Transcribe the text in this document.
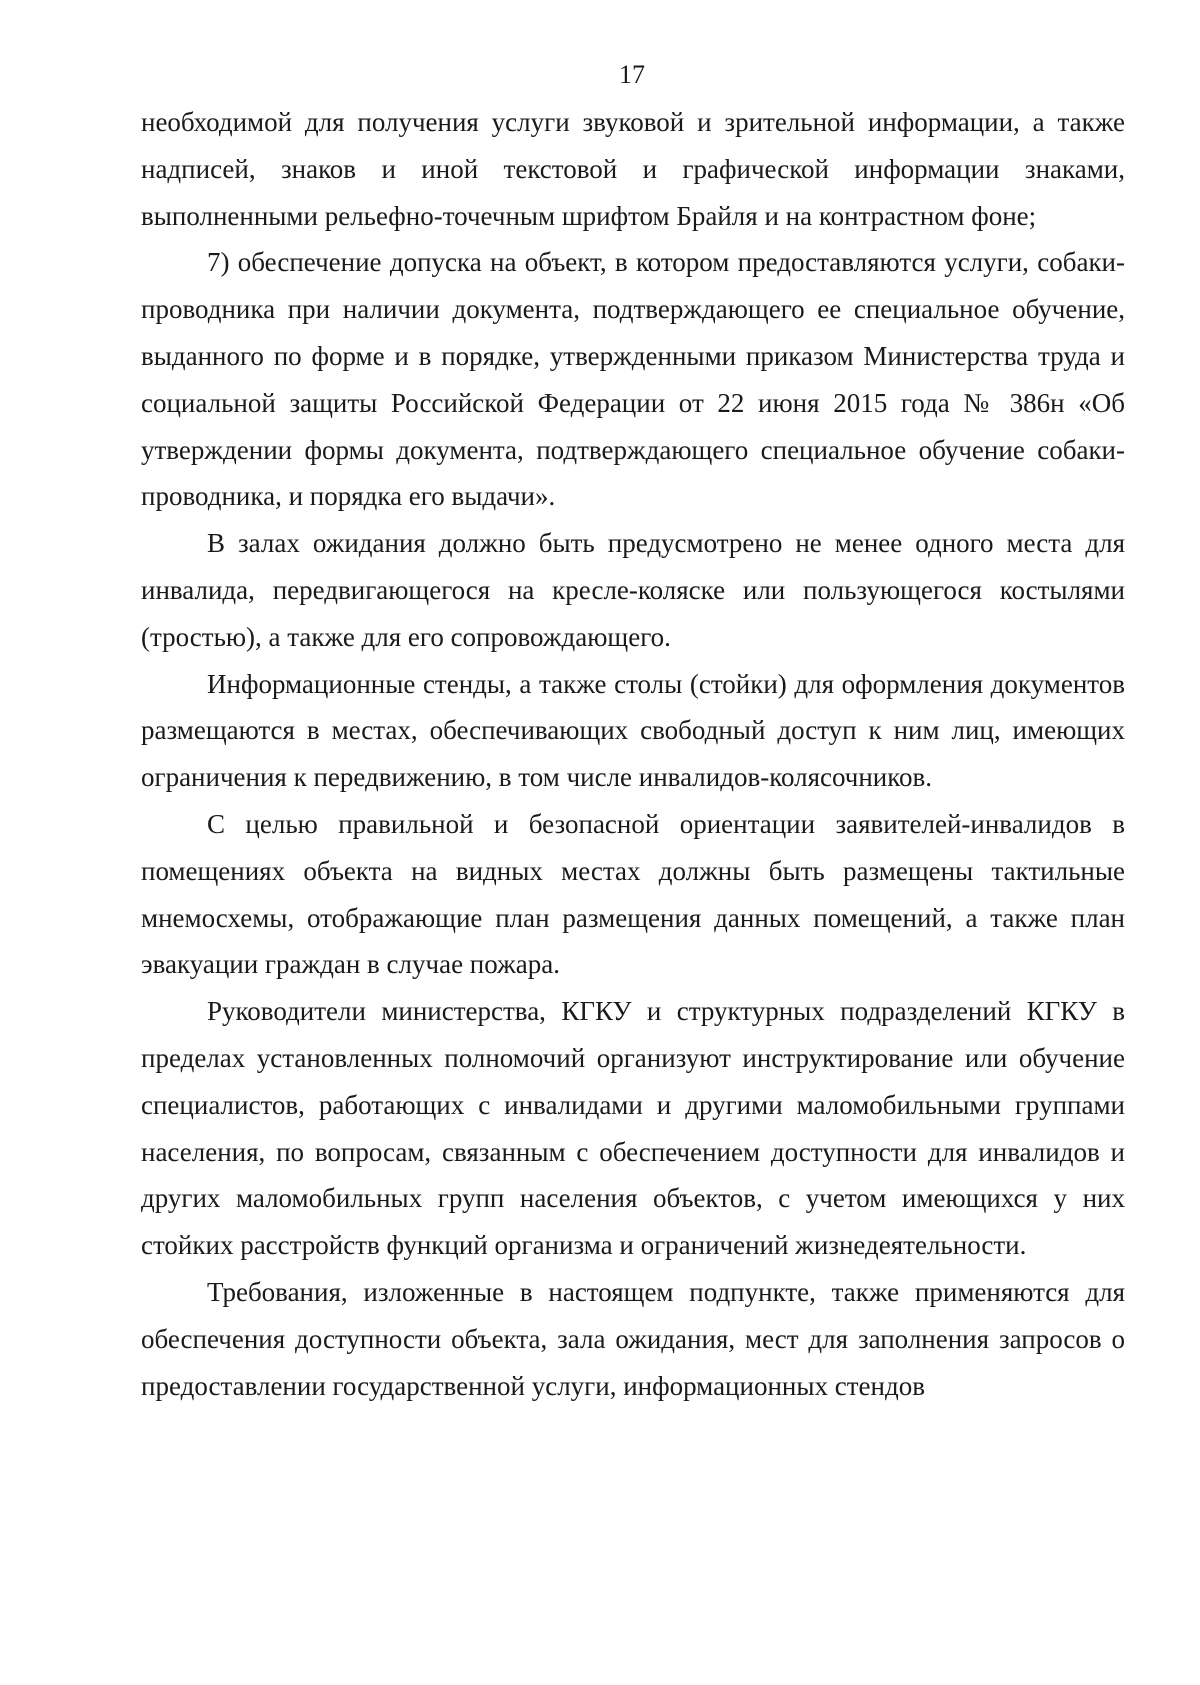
17

необходимой для получения услуги звуковой и зрительной информации, а также надписей, знаков и иной текстовой и графической информации знаками, выполненными рельефно-точечным шрифтом Брайля и на контрастном фоне;

7) обеспечение допуска на объект, в котором предоставляются услуги, собаки-проводника при наличии документа, подтверждающего ее специальное обучение, выданного по форме и в порядке, утвержденными приказом Министерства труда и социальной защиты Российской Федерации от 22 июня 2015 года № 386н «Об утверждении формы документа, подтверждающего специальное обучение собаки-проводника, и порядка его выдачи».

В залах ожидания должно быть предусмотрено не менее одного места для инвалида, передвигающегося на кресле-коляске или пользующегося костылями (тростью), а также для его сопровождающего.

Информационные стенды, а также столы (стойки) для оформления документов размещаются в местах, обеспечивающих свободный доступ к ним лиц, имеющих ограничения к передвижению, в том числе инвалидов-колясочников.

С целью правильной и безопасной ориентации заявителей-инвалидов в помещениях объекта на видных местах должны быть размещены тактильные мнемосхемы, отображающие план размещения данных помещений, а также план эвакуации граждан в случае пожара.

Руководители министерства, КГКУ и структурных подразделений КГКУ в пределах установленных полномочий организуют инструктирование или обучение специалистов, работающих с инвалидами и другими маломобильными группами населения, по вопросам, связанным с обеспечением доступности для инвалидов и других маломобильных групп населения объектов, с учетом имеющихся у них стойких расстройств функций организма и ограничений жизнедеятельности.

Требования, изложенные в настоящем подпункте, также применяются для обеспечения доступности объекта, зала ожидания, мест для заполнения запросов о предоставлении государственной услуги, информационных стендов
